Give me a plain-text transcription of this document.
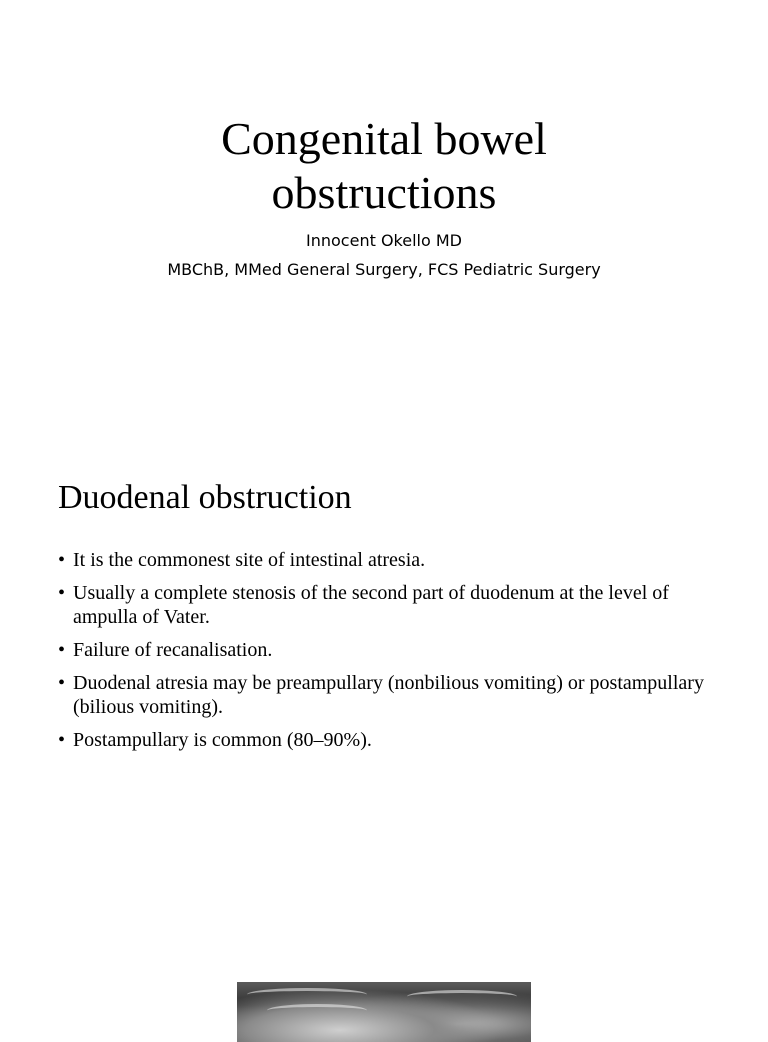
Congenital bowel
obstructions
Innocent Okello MD
MBChB, MMed General Surgery, FCS Pediatric Surgery
Duodenal obstruction
• It is the commonest site of intestinal atresia.
• Usually a complete stenosis of the second part of duodenum at the level of ampulla of Vater.
• Failure of recanalisation.
• Duodenal atresia may be preampullary (nonbilious vomiting) or postampullary (bilious vomiting).
• Postampullary is common (80–90%).
